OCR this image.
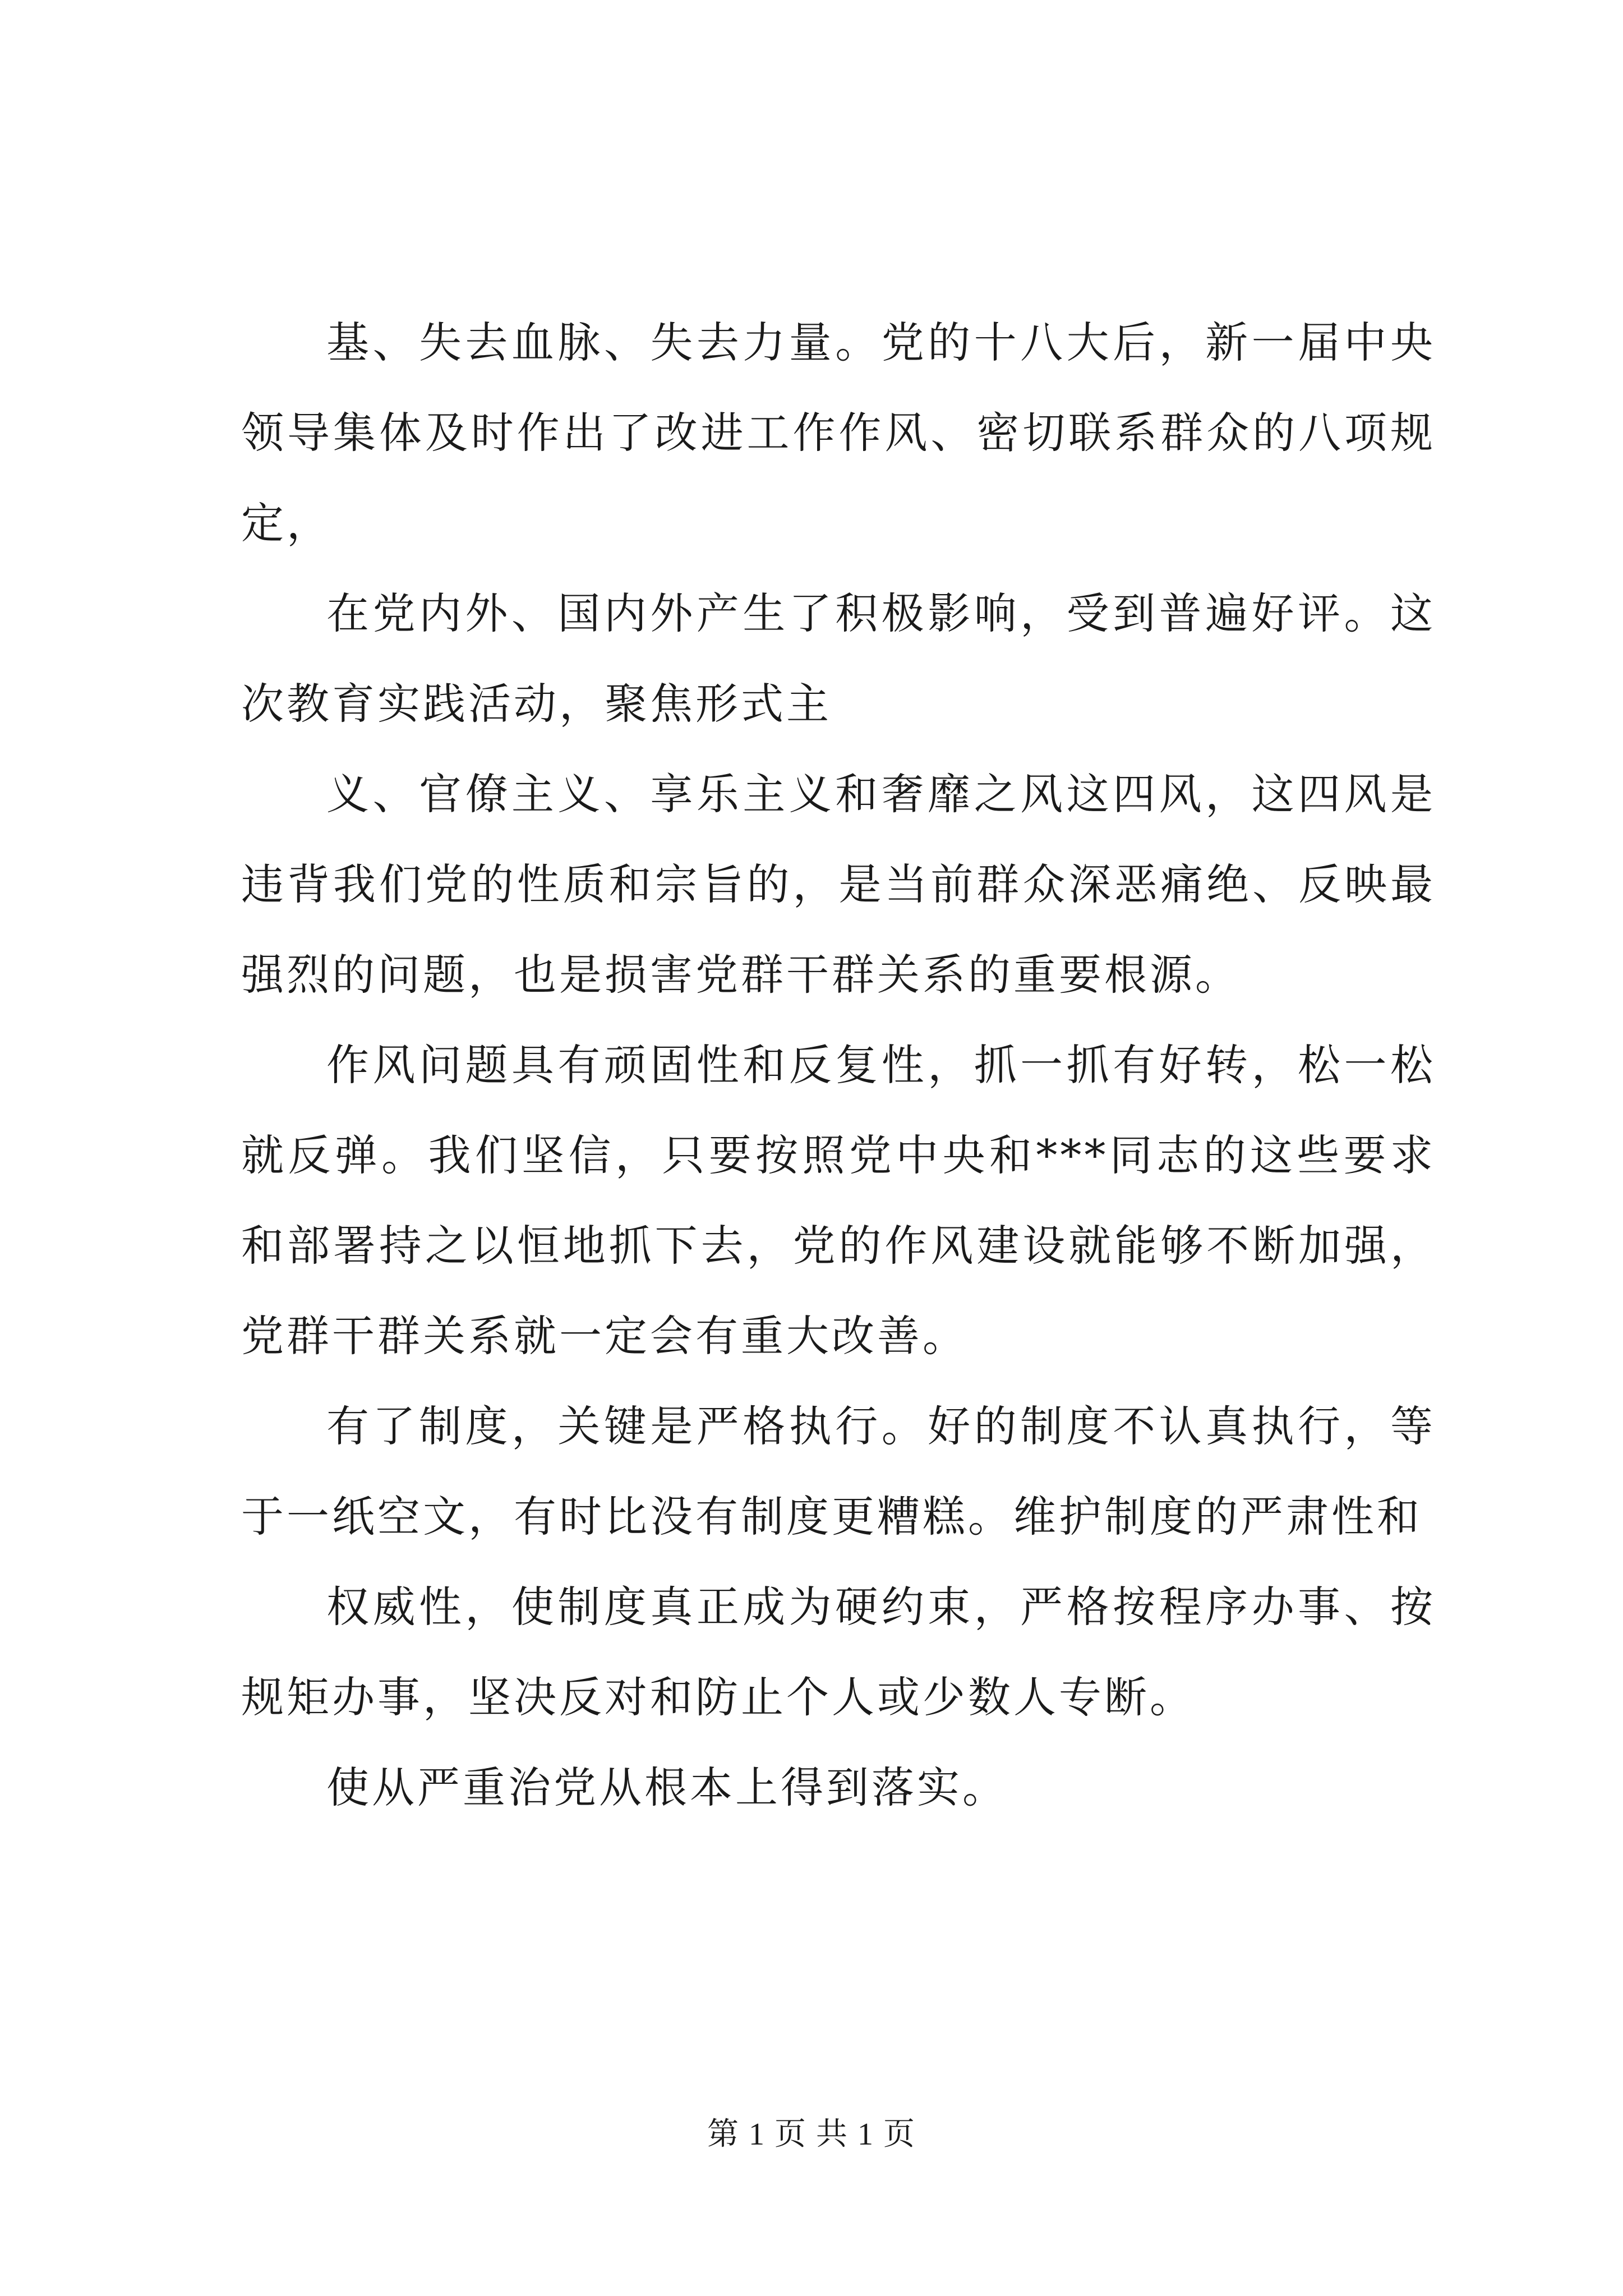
基、失去血脉、失去力量。党的十八大后，新一届中央领导集体及时作出了改进工作作风、密切联系群众的八项规定，

在党内外、国内外产生了积极影响，受到普遍好评。这次教育实践活动，聚焦形式主

义、官僚主义、享乐主义和奢靡之风这四风，这四风是违背我们党的性质和宗旨的，是当前群众深恶痛绝、反映最强烈的问题，也是损害党群干群关系的重要根源。

作风问题具有顽固性和反复性，抓一抓有好转，松一松就反弹。我们坚信，只要按照党中央和***同志的这些要求和部署持之以恒地抓下去，党的作风建设就能够不断加强，党群干群关系就一定会有重大改善。

有了制度，关键是严格执行。好的制度不认真执行，等于一纸空文，有时比没有制度更糟糕。维护制度的严肃性和

权威性，使制度真正成为硬约束，严格按程序办事、按规矩办事，坚决反对和防止个人或少数人专断。

使从严重治党从根本上得到落实。

第 1 页 共 1 页
